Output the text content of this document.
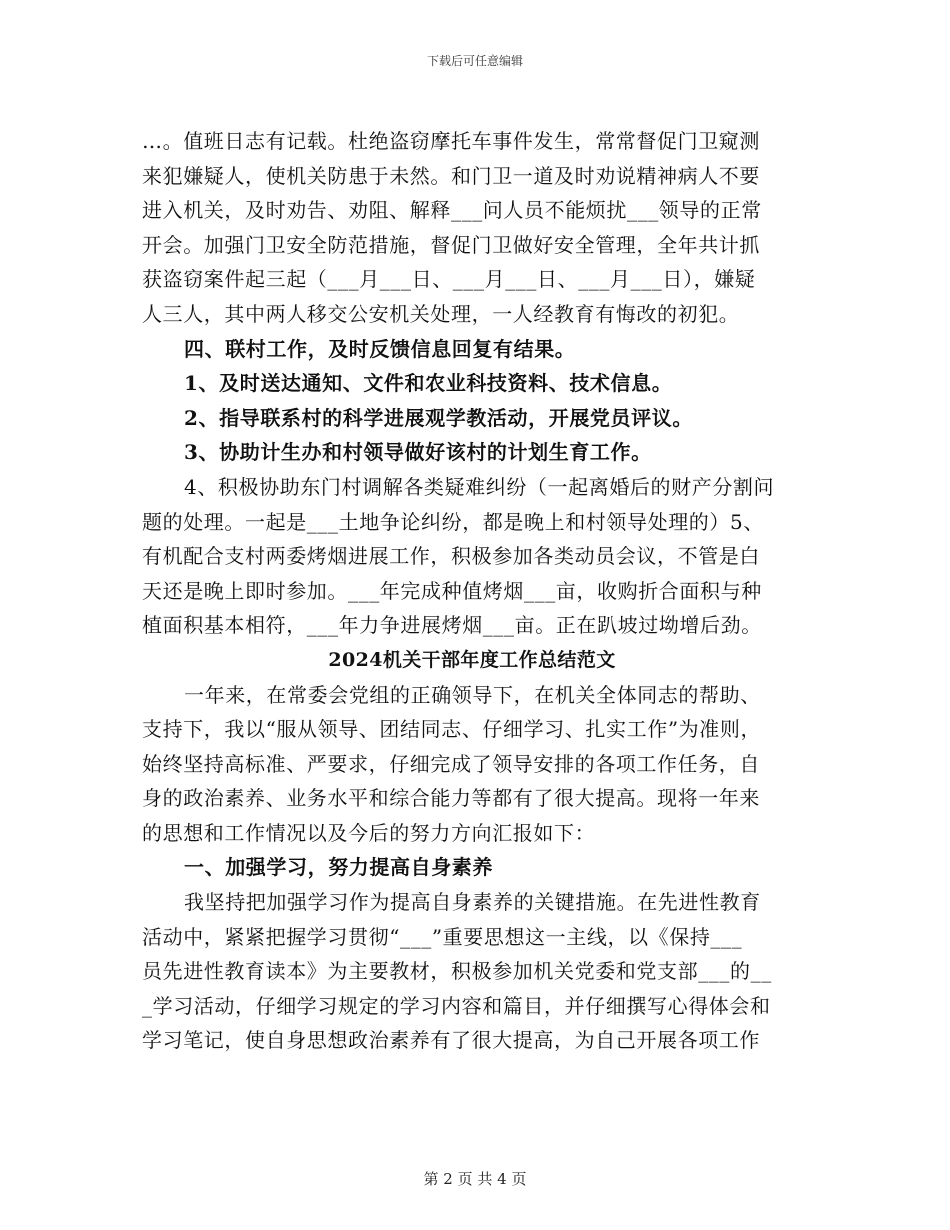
下载后可任意编辑

…。值班日志有记载。杜绝盗窃摩托车事件发生，常常督促门卫窥测

来犯嫌疑人，使机关防患于未然。和门卫一道及时劝说精神病人不要

进入机关，及时劝告、劝阻、解释___问人员不能烦扰___领导的正常

开会。加强门卫安全防范措施，督促门卫做好安全管理，全年共计抓

获盗窃案件起三起（___月___日、___月___日、___月___日），嫌疑

人三人，其中两人移交公安机关处理，一人经教育有悔改的初犯。

四、联村工作，及时反馈信息回复有结果。

1、及时送达通知、文件和农业科技资料、技术信息。

2、指导联系村的科学进展观学教活动，开展党员评议。

3、协助计生办和村领导做好该村的计划生育工作。

4、积极协助东门村调解各类疑难纠纷（一起离婚后的财产分割问

题的处理。一起是___土地争论纠纷，都是晚上和村领导处理的）5、

有机配合支村两委烤烟进展工作，积极参加各类动员会议，不管是白

天还是晚上即时参加。___年完成种值烤烟___亩，收购折合面积与种

植面积基本相符，___年力争进展烤烟___亩。正在趴坡过坳增后劲。

2024机关干部年度工作总结范文

一年来，在常委会党组的正确领导下，在机关全体同志的帮助、

支持下，我以“服从领导、团结同志、仔细学习、扎实工作”为准则，

始终坚持高标准、严要求，仔细完成了领导安排的各项工作任务，自

身的政治素养、业务水平和综合能力等都有了很大提高。现将一年来

的思想和工作情况以及今后的努力方向汇报如下：

一、加强学习，努力提高自身素养

我坚持把加强学习作为提高自身素养的关键措施。在先进性教育

活动中，紧紧把握学习贯彻“___”重要思想这一主线，以《保持___

员先进性教育读本》为主要教材，积极参加机关党委和党支部___的__

_学习活动，仔细学习规定的学习内容和篇目，并仔细撰写心得体会和

学习笔记，使自身思想政治素养有了很大提高，为自己开展各项工作

第 2 页 共 4 页
